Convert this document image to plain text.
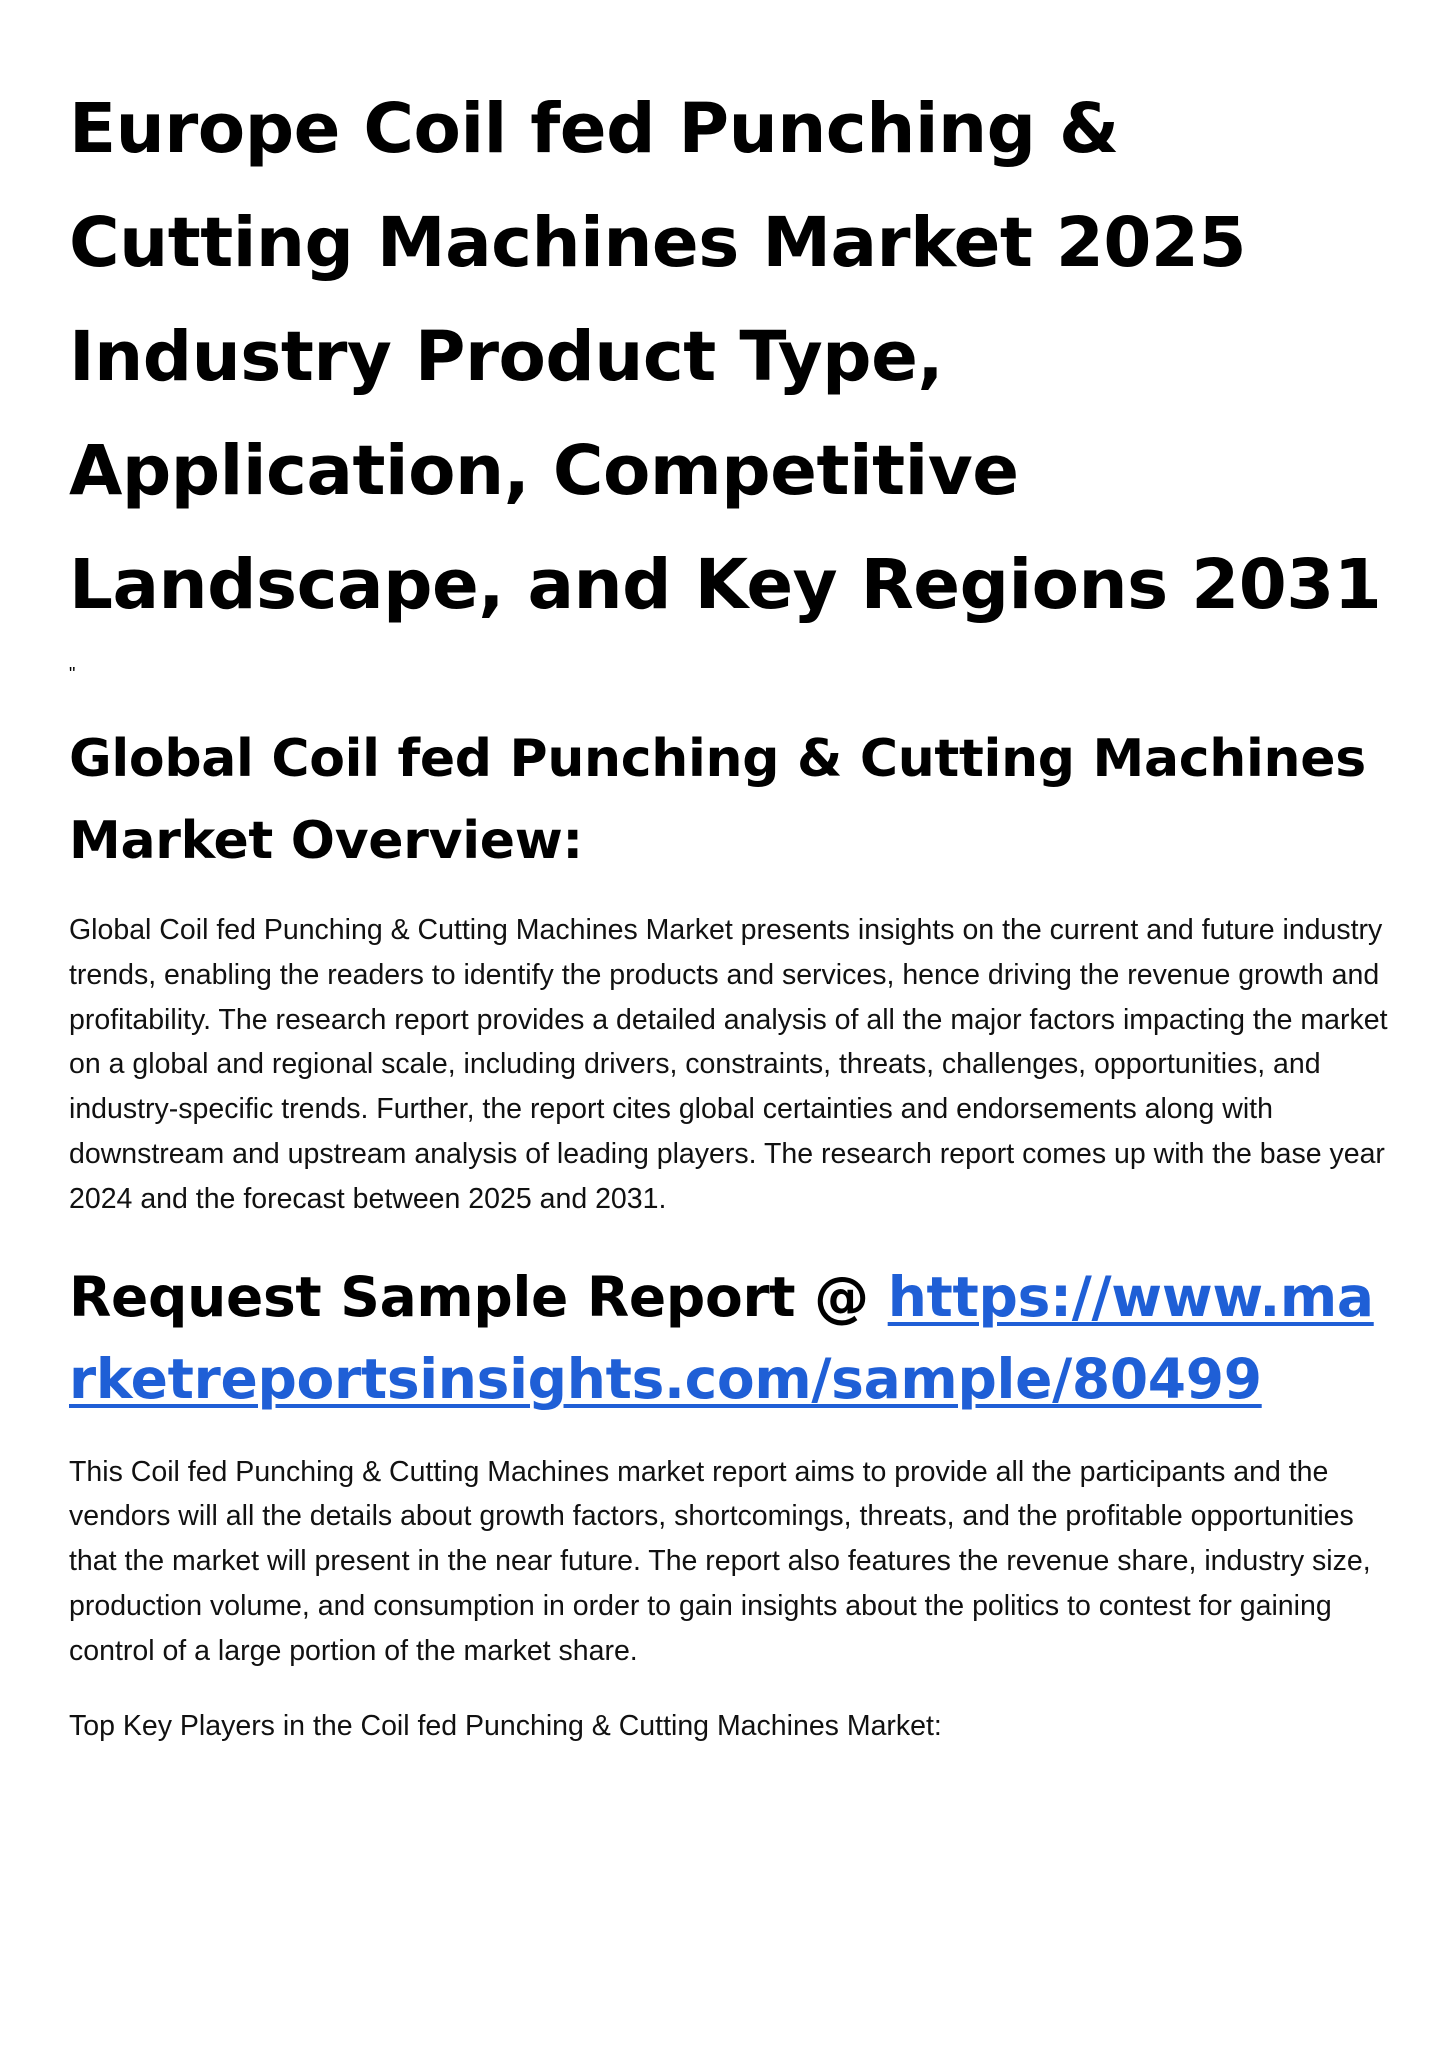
Europe Coil fed Punching & Cutting Machines Market 2025 Industry Product Type, Application, Competitive Landscape, and Key Regions 2031
"
Global Coil fed Punching & Cutting Machines Market Overview:

Global Coil fed Punching & Cutting Machines Market presents insights on the current and future industry trends, enabling the readers to identify the products and services, hence driving the revenue growth and profitability. The research report provides a detailed analysis of all the major factors impacting the market on a global and regional scale, including drivers, constraints, threats, challenges, opportunities, and industry-specific trends. Further, the report cites global certainties and endorsements along with downstream and upstream analysis of leading players. The research report comes up with the base year 2024 and the forecast between 2025 and 2031.

Request Sample Report @ https://www.marketreportsinsights.com/sample/80499

This Coil fed Punching & Cutting Machines market report aims to provide all the participants and the vendors will all the details about growth factors, shortcomings, threats, and the profitable opportunities that the market will present in the near future. The report also features the revenue share, industry size, production volume, and consumption in order to gain insights about the politics to contest for gaining control of a large portion of the market share.

Top Key Players in the Coil fed Punching & Cutting Machines Market:
